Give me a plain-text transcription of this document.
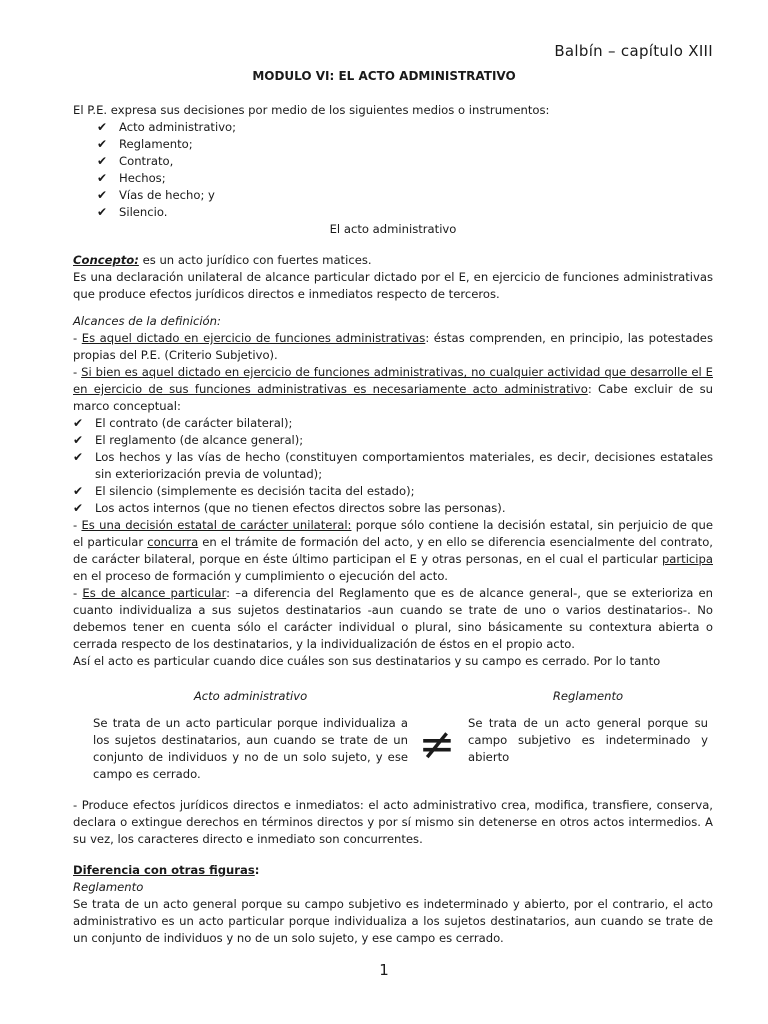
Balbín – capítulo XIII
MODULO VI: EL ACTO ADMINISTRATIVO

El P.E. expresa sus decisiones por medio de los siguientes medios o instrumentos:

✔ Acto administrativo;
✔ Reglamento;
✔ Contrato,
✔ Hechos;
✔ Vías de hecho; y
✔ Silencio.

El acto administrativo

Concepto: es un acto jurídico con fuertes matices.

Es una declaración unilateral de alcance particular dictado por el E, en ejercicio de funciones administrativas que produce efectos jurídicos directos e inmediatos respecto de terceros.

Alcances de la definición:

- Es aquel dictado en ejercicio de funciones administrativas: éstas comprenden, en principio, las potestades propias del P.E. (Criterio Subjetivo).

- Si bien es aquel dictado en ejercicio de funciones administrativas, no cualquier actividad que desarrolle el E en ejercicio de sus funciones administrativas es necesariamente acto administrativo: Cabe excluir de su marco conceptual:

✔ El contrato (de carácter bilateral);
✔ El reglamento (de alcance general);
✔ Los hechos y las vías de hecho (constituyen comportamientos materiales, es decir, decisiones estatales sin exteriorización previa de voluntad);
✔ El silencio (simplemente es decisión tacita del estado);
✔ Los actos internos (que no tienen efectos directos sobre las personas).

- Es una decisión estatal de carácter unilateral: porque sólo contiene la decisión estatal, sin perjuicio de que el particular concurra en el trámite de formación del acto, y en ello se diferencia esencialmente del contrato, de carácter bilateral, porque en éste último participan el E y otras personas, en el cual el particular participa en el proceso de formación y cumplimiento o ejecución del acto.

- Es de alcance particular: –a diferencia del Reglamento que es de alcance general-, que se exterioriza en cuanto individualiza a sus sujetos destinatarios -aun cuando se trate de uno o varios destinatarios-. No debemos tener en cuenta sólo el carácter individual o plural, sino básicamente su contextura abierta o cerrada respecto de los destinatarios, y la individualización de éstos en el propio acto.

Así el acto es particular cuando dice cuáles son sus destinatarios y su campo es cerrado. Por lo tanto

Acto administrativo
Se trata de un acto particular porque individualiza a los sujetos destinatarios, aun cuando se trate de un conjunto de individuos y no de un solo sujeto, y ese campo es cerrado.
≠
Reglamento
Se trata de un acto general porque su campo subjetivo es indeterminado y abierto

- Produce efectos jurídicos directos e inmediatos: el acto administrativo crea, modifica, transfiere, conserva, declara o extingue derechos en términos directos y por sí mismo sin detenerse en otros actos intermedios. A su vez, los caracteres directo e inmediato son concurrentes.

Diferencia con otras figuras:

Reglamento

Se trata de un acto general porque su campo subjetivo es indeterminado y abierto, por el contrario, el acto administrativo es un acto particular porque individualiza a los sujetos destinatarios, aun cuando se trate de un conjunto de individuos y no de un solo sujeto, y ese campo es cerrado.

1
